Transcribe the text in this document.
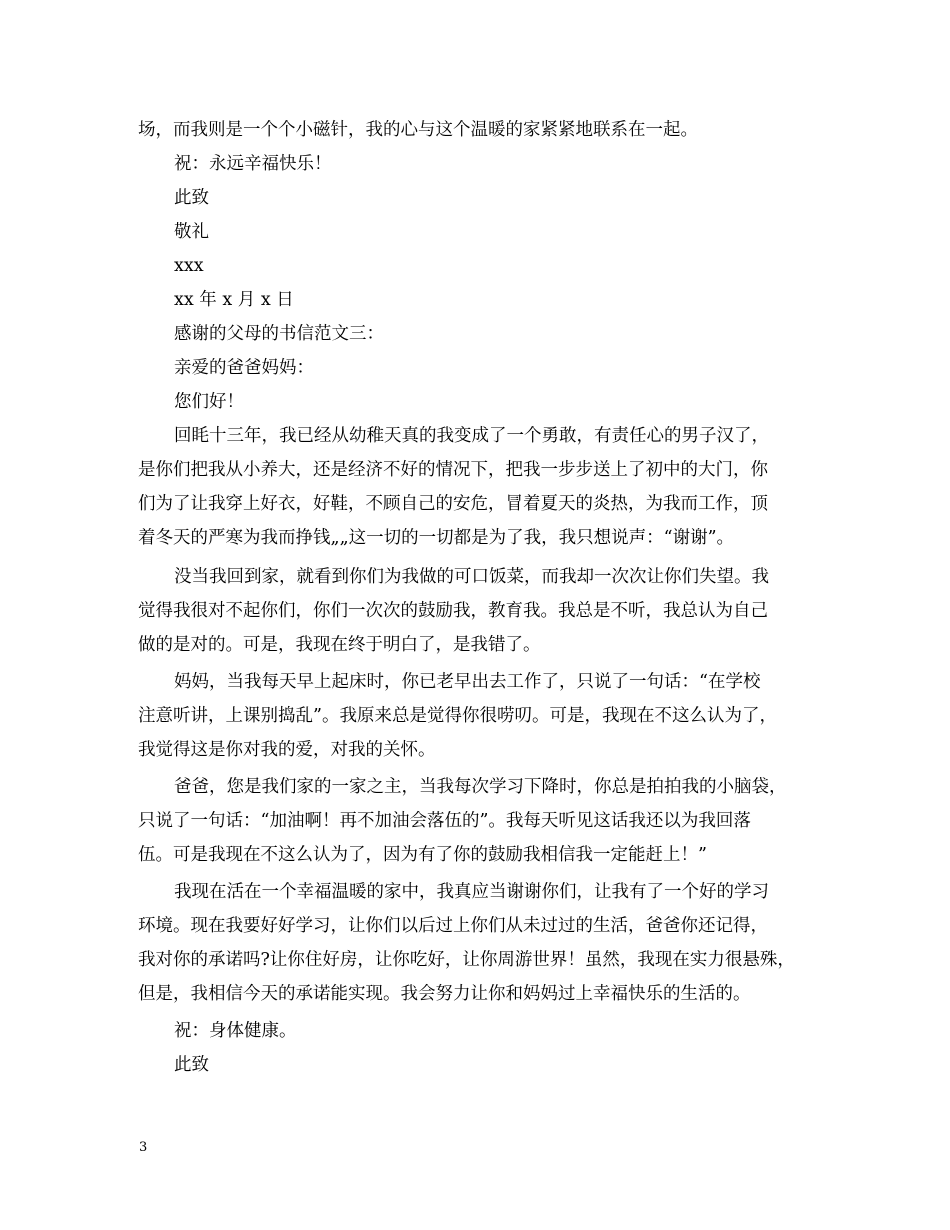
场，而我则是一个个小磁针，我的心与这个温暖的家紧紧地联系在一起。
祝：永远辛福快乐！
此致
敬礼
xxx
xx 年 x 月 x 日
感谢的父母的书信范文三：
亲爱的爸爸妈妈：
您们好！
回眊十三年，我已经从幼稚天真的我变成了一个勇敢，有责任心的男子汉了，
是你们把我从小养大，还是经济不好的情况下，把我一步步送上了初中的大门，你
们为了让我穿上好衣，好鞋，不顾自己的安危，冒着夏天的炎热，为我而工作，顶
着冬天的严寒为我而挣钱„„这一切的一切都是为了我，我只想说声：“谢谢”。
没当我回到家，就看到你们为我做的可口饭菜，而我却一次次让你们失望。我
觉得我很对不起你们，你们一次次的鼓励我，教育我。我总是不听，我总认为自己
做的是对的。可是，我现在终于明白了，是我错了。
妈妈，当我每天早上起床时，你已老早出去工作了，只说了一句话：“在学校
注意听讲，上课别捣乱”。我原来总是觉得你很唠叨。可是，我现在不这么认为了，
我觉得这是你对我的爱，对我的关怀。
爸爸，您是我们家的一家之主，当我每次学习下降时，你总是拍拍我的小脑袋，
只说了一句话：“加油啊！再不加油会落伍的”。我每天听见这话我还以为我回落
伍。可是我现在不这么认为了，因为有了你的鼓励我相信我一定能赶上！”
我现在活在一个幸福温暖的家中，我真应当谢谢你们，让我有了一个好的学习
环境。现在我要好好学习，让你们以后过上你们从未过过的生活，爸爸你还记得，
我对你的承诺吗?让你住好房，让你吃好，让你周游世界！虽然，我现在实力很悬殊，
但是，我相信今天的承诺能实现。我会努力让你和妈妈过上幸福快乐的生活的。
祝：身体健康。
此致
3
